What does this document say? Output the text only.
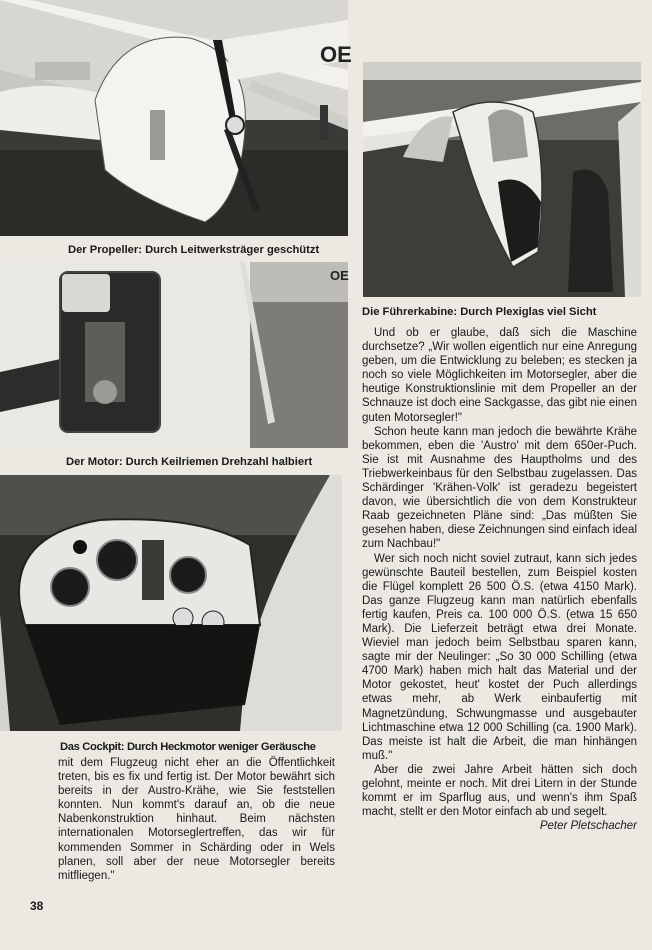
OE
Der Propeller: Durch Leitwerksträger geschützt
OE
Der Motor: Durch Keilriemen Drehzahl halbiert
Das Cockpit: Durch Heckmotor weniger Geräusche
Die Führerkabine: Durch Plexiglas viel Sicht

mit dem Flugzeug nicht eher an die Öffentlichkeit treten, bis es fix und fertig ist. Der Motor bewährt sich bereits in der Austro-Krähe, wie Sie feststellen konnten. Nun kommt's darauf an, ob die neue Nabenkonstruktion hinhaut. Beim nächsten internationalen Motorseglertreffen, das wir für kommenden Sommer in Schärding oder in Wels planen, soll aber der neue Motorsegler bereits mitfliegen."

Und ob er glaube, daß sich die Maschine durchsetze? „Wir wollen eigentlich nur eine Anregung geben, um die Entwicklung zu beleben; es stecken ja noch so viele Möglichkeiten im Motorsegler, aber die heutige Konstruktionslinie mit dem Propeller an der Schnauze ist doch eine Sackgasse, das gibt nie einen guten Motorsegler!"

Schon heute kann man jedoch die bewährte Krähe bekommen, eben die 'Austro' mit dem 650er-Puch. Sie ist mit Ausnahme des Hauptholms und des Triebwerkeinbaus für den Selbstbau zugelassen. Das Schärdinger 'Krähen-Volk' ist geradezu begeistert davon, wie übersichtlich die von dem Konstrukteur Raab gezeichneten Pläne sind: „Das müßten Sie gesehen haben, diese Zeichnungen sind einfach ideal zum Nachbau!"

Wer sich noch nicht soviel zutraut, kann sich jedes gewünschte Bauteil bestellen, zum Beispiel kosten die Flügel komplett 26 500 Ö.S. (etwa 4150 Mark). Das ganze Flugzeug kann man natürlich ebenfalls fertig kaufen, Preis ca. 100 000 Ö.S. (etwa 15 650 Mark). Die Lieferzeit beträgt etwa drei Monate. Wieviel man jedoch beim Selbstbau sparen kann, sagte mir der Neulinger: „So 30 000 Schilling (etwa 4700 Mark) haben mich halt das Material und der Motor gekostet, heut' kostet der Puch allerdings etwas mehr, ab Werk einbaufertig mit Magnetzündung, Schwungmasse und ausgebauter Lichtmaschine etwa 12 000 Schilling (ca. 1900 Mark). Das meiste ist halt die Arbeit, die man hinhängen muß."

Aber die zwei Jahre Arbeit hätten sich doch gelohnt, meinte er noch. Mit drei Litern in der Stunde kommt er im Sparflug aus, und wenn's ihm Spaß macht, stellt er den Motor einfach ab und segelt.
Peter Pletschacher

38
